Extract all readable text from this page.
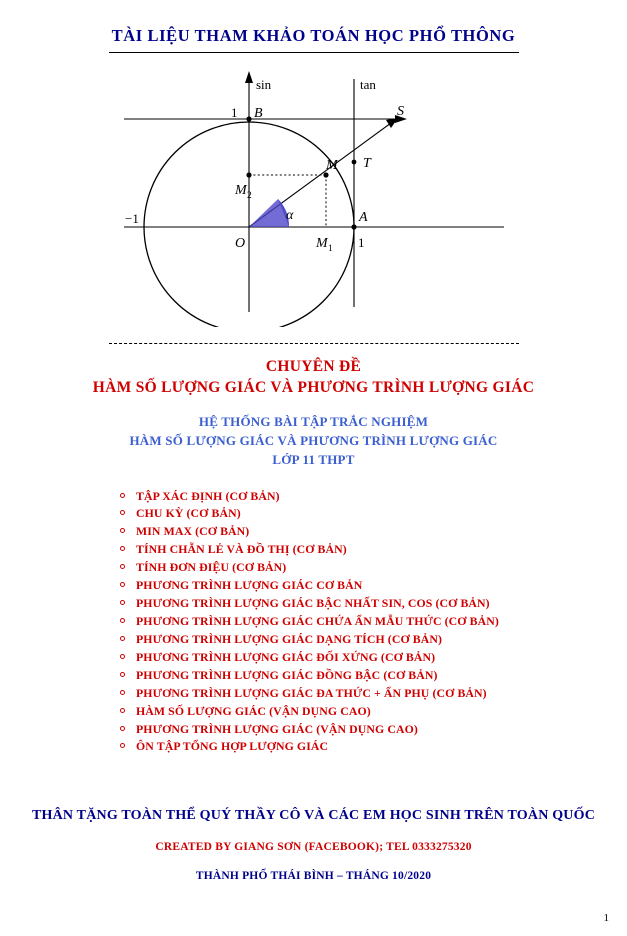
TÀI LIỆU THAM KHẢO TOÁN HỌC PHỔ THÔNG
sin	tan
1 B	S
M T
M 2
−1	α	A
O	M 1 1
CHUYÊN ĐỀ
HÀM SỐ LƯỢNG GIÁC VÀ PHƯƠNG TRÌNH LƯỢNG GIÁC
HỆ THỐNG BÀI TẬP TRẮC NGHIỆM
HÀM SỐ LƯỢNG GIÁC VÀ PHƯƠNG TRÌNH LƯỢNG GIÁC
LỚP 11 THPT
TẬP XÁC ĐỊNH (CƠ BẢN)
CHU KỲ (CƠ BẢN)
MIN MAX (CƠ BẢN)
TÍNH CHẴN LẺ VÀ ĐỒ THỊ (CƠ BẢN)
TÍNH ĐƠN ĐIỆU (CƠ BẢN)
PHƯƠNG TRÌNH LƯỢNG GIÁC CƠ BẢN
PHƯƠNG TRÌNH LƯỢNG GIÁC BẬC NHẤT SIN, COS (CƠ BẢN)
PHƯƠNG TRÌNH LƯỢNG GIÁC CHỨA ẨN MẪU THỨC (CƠ BẢN)
PHƯƠNG TRÌNH LƯỢNG GIÁC DẠNG TÍCH (CƠ BẢN)
PHƯƠNG TRÌNH LƯỢNG GIÁC ĐỐI XỨNG (CƠ BẢN)
PHƯƠNG TRÌNH LƯỢNG GIÁC ĐỒNG BẬC (CƠ BẢN)
PHƯƠNG TRÌNH LƯỢNG GIÁC ĐA THỨC + ẨN PHỤ (CƠ BẢN)
HÀM SỐ LƯỢNG GIÁC (VẬN DỤNG CAO)
PHƯƠNG TRÌNH LƯỢNG GIÁC (VẬN DỤNG CAO)
ÔN TẬP TỔNG HỢP LƯỢNG GIÁC
THÂN TẶNG TOÀN THỂ QUÝ THẦY CÔ VÀ CÁC EM HỌC SINH TRÊN TOÀN QUỐC
CREATED BY GIANG SƠN (FACEBOOK); TEL 0333275320
THÀNH PHỐ THÁI BÌNH – THÁNG 10/2020
1
